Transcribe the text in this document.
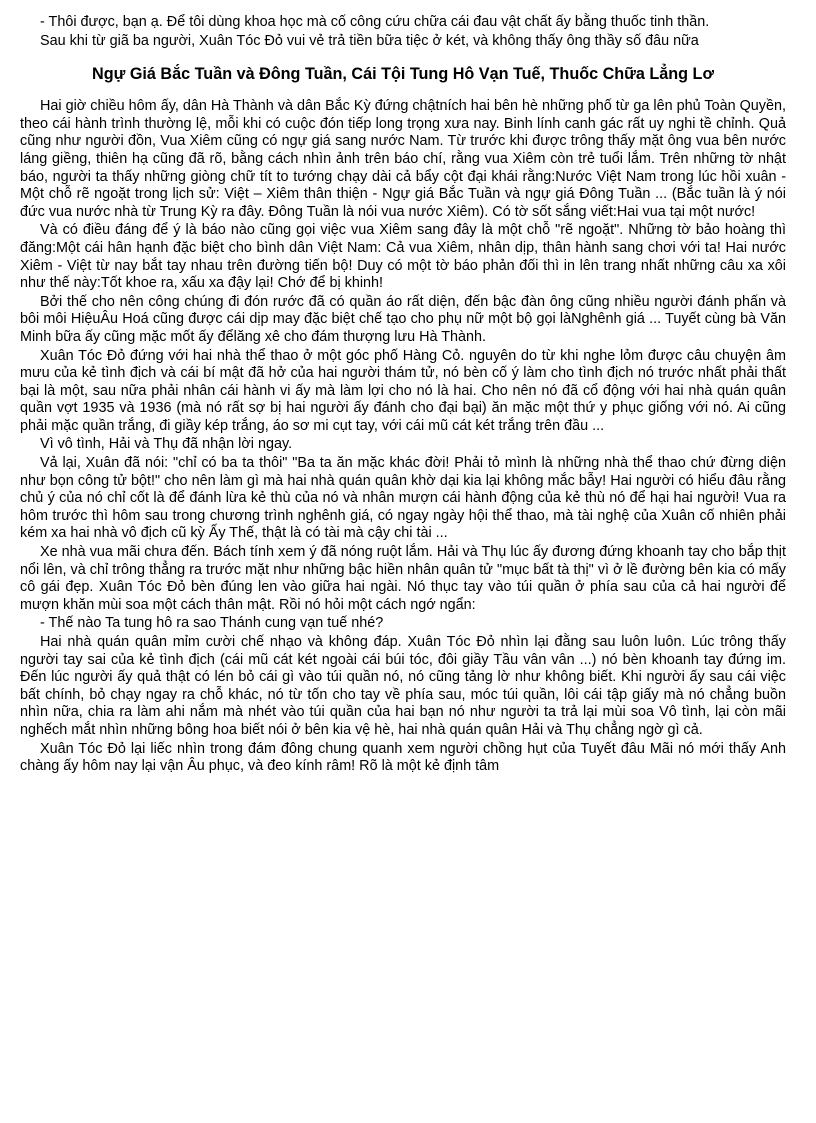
- Thôi được, bạn ạ. Để tôi dùng khoa học mà cố công cứu chữa cái đau vật chất ấy bằng thuốc tinh thần.

Sau khi từ giã ba người, Xuân Tóc Đỏ vui vẻ trả tiền bữa tiệc ở két, và không thấy ông thầy số đâu nữa

Ngự Giá Bắc Tuần và Đông Tuần, Cái Tội Tung Hô Vạn Tuế, Thuốc Chữa Lẳng Lơ

Hai giờ chiều hôm ấy, dân Hà Thành và dân Bắc Kỳ đứng chậtních hai bên hè những phố từ ga lên phủ Toàn Quyền, theo cái hành trình thường lệ, mỗi khi có cuộc đón tiếp long trọng xưa nay. Binh lính canh gác rất uy nghi tề chỉnh. Quả cũng như người đồn, Vua Xiêm cũng có ngự giá sang nước Nam. Từ trước khi được trông thấy mặt ông vua bên nước láng giềng, thiên hạ cũng đã rõ, bằng cách nhìn ảnh trên báo chí, rằng vua Xiêm còn trẻ tuổi lắm. Trên những tờ nhật báo, người ta thấy những giòng chữ tít to tướng chạy dài cả bẩy cột đại khái rằng:Nước Việt Nam trong lúc hồi xuân - Một chỗ rẽ ngoặt trong lịch sử: Việt – Xiêm thân thiện - Ngự giá Bắc Tuần và ngự giá Đông Tuần ... (Bắc tuần là ý nói đức vua nước nhà từ Trung Kỳ ra đây. Đông Tuần là nói vua nước Xiêm). Có tờ sốt sắng viết:Hai vua tại một nước!

Và có điều đáng để ý là báo nào cũng gọi việc vua Xiêm sang đây là một chỗ "rẽ ngoặt". Những tờ bảo hoàng thì đăng:Một cái hân hạnh đặc biệt cho bình dân Việt Nam: Cả vua Xiêm, nhân dịp, thân hành sang chơi với ta! Hai nước Xiêm - Việt từ nay bắt tay nhau trên đường tiến bộ! Duy có một tờ báo phản đối thì in lên trang nhất những câu xa xôi như thế này:Tốt khoe ra, xấu xa đậy lại! Chớ để bị khinh!

Bởi thế cho nên công chúng đi đón rước đã có quần áo rất diện, đến bậc đàn ông cũng nhiều người đánh phấn và bôi môi HiệuÂu Hoá cũng được cái dịp may đặc biệt chế tạo cho phụ nữ một bộ gọi làNghênh giá ... Tuyết cùng bà Văn Minh bữa ấy cũng mặc mốt ấy đểlăng xê cho đám thượng lưu Hà Thành.

Xuân Tóc Đỏ đứng với hai nhà thể thao ở một góc phố Hàng Cỏ. nguyên do từ khi nghe lỏm được câu chuyện âm mưu của kẻ tình địch và cái bí mật đã hở của hai người thám tử, nó bèn cố ý làm cho tình địch nó trước nhất phải thất bại là một, sau nữa phải nhân cái hành vi ấy mà làm lợi cho nó là hai. Cho nên nó đã cổ động với hai nhà quán quân quần vợt 1935 và 1936 (mà nó rất sợ bị hai người ấy đánh cho đại bại) ăn mặc một thứ y phục giống với nó. Ai cũng phải mặc quần trắng, đi giầy kép trắng, áo sơ mi cụt tay, với cái mũ cát két trắng trên đầu ...

Vì vô tình, Hải và Thụ đã nhận lời ngay.

Vả lại, Xuân đã nói: "chỉ có ba ta thôi" "Ba ta ăn mặc khác đời! Phải tỏ mình là những nhà thể thao chứ đừng diện như bọn công tử bột!" cho nên làm gì mà hai nhà quán quân khờ dại kia lại không mắc bẫy! Hai người có hiểu đâu rằng chủ ý của nó chỉ cốt là để đánh lừa kẻ thù của nó và nhân mượn cái hành động của kẻ thù nó để hại hai người! Vua ra hôm trước thì hôm sau trong chương trình nghênh giá, có ngay ngày hội thể thao, mà tài nghệ của Xuân cố nhiên phải kém xa hai nhà vô địch cũ kỳ Ấy Thế, thật là có tài mà cậy chi tài ...

Xe nhà vua mãi chưa đến. Bách tính xem ý đã nóng ruột lắm. Hải và Thụ lúc ấy đương đứng khoanh tay cho bắp thịt nổi lên, và chỉ trông thẳng ra trước mặt như những bậc hiền nhân quân tử "mục bất tà thị" vì ở lề đường bên kia có mấy cô gái đẹp. Xuân Tóc Đỏ bèn đúng len vào giữa hai ngài. Nó thục tay vào túi quần ở phía sau của cả hai người để mượn khăn mùi soa một cách thân mật. Rồi nó hỏi một cách ngớ ngẩn:

- Thế nào Ta tung hô ra sao Thánh cung vạn tuế nhé?

Hai nhà quán quân mỉm cười chế nhạo và không đáp. Xuân Tóc Đỏ nhìn lại đằng sau luôn luôn. Lúc trông thấy người tay sai của kẻ tình địch (cái mũ cát két ngoài cái búi tóc, đôi giầy Tầu vân vân ...) nó bèn khoanh tay đứng im. Đến lúc người ấy quả thật có lén bỏ cái gì vào túi quần nó, nó cũng tảng lờ như không biết. Khi người ấy sau cái việc bất chính, bỏ chạy ngay ra chỗ khác, nó từ tốn cho tay về phía sau, móc túi quần, lôi cái tập giấy mà nó chẳng buồn nhìn nữa, chia ra làm ahi nắm mà nhét vào túi quần của hai bạn nó như người ta trả lại mùi soa Vô tình, lại còn mãi nghếch mắt nhìn những bông hoa biết nói ở bên kia vệ hè, hai nhà quán quân Hải và Thụ chẳng ngờ gì cả.

Xuân Tóc Đỏ lại liếc nhìn trong đám đông chung quanh xem người chồng hụt của Tuyết đâu Mãi nó mới thấy Anh chàng ấy hôm nay lại vận Âu phục, và đeo kính râm! Rõ là một kẻ định tâm
